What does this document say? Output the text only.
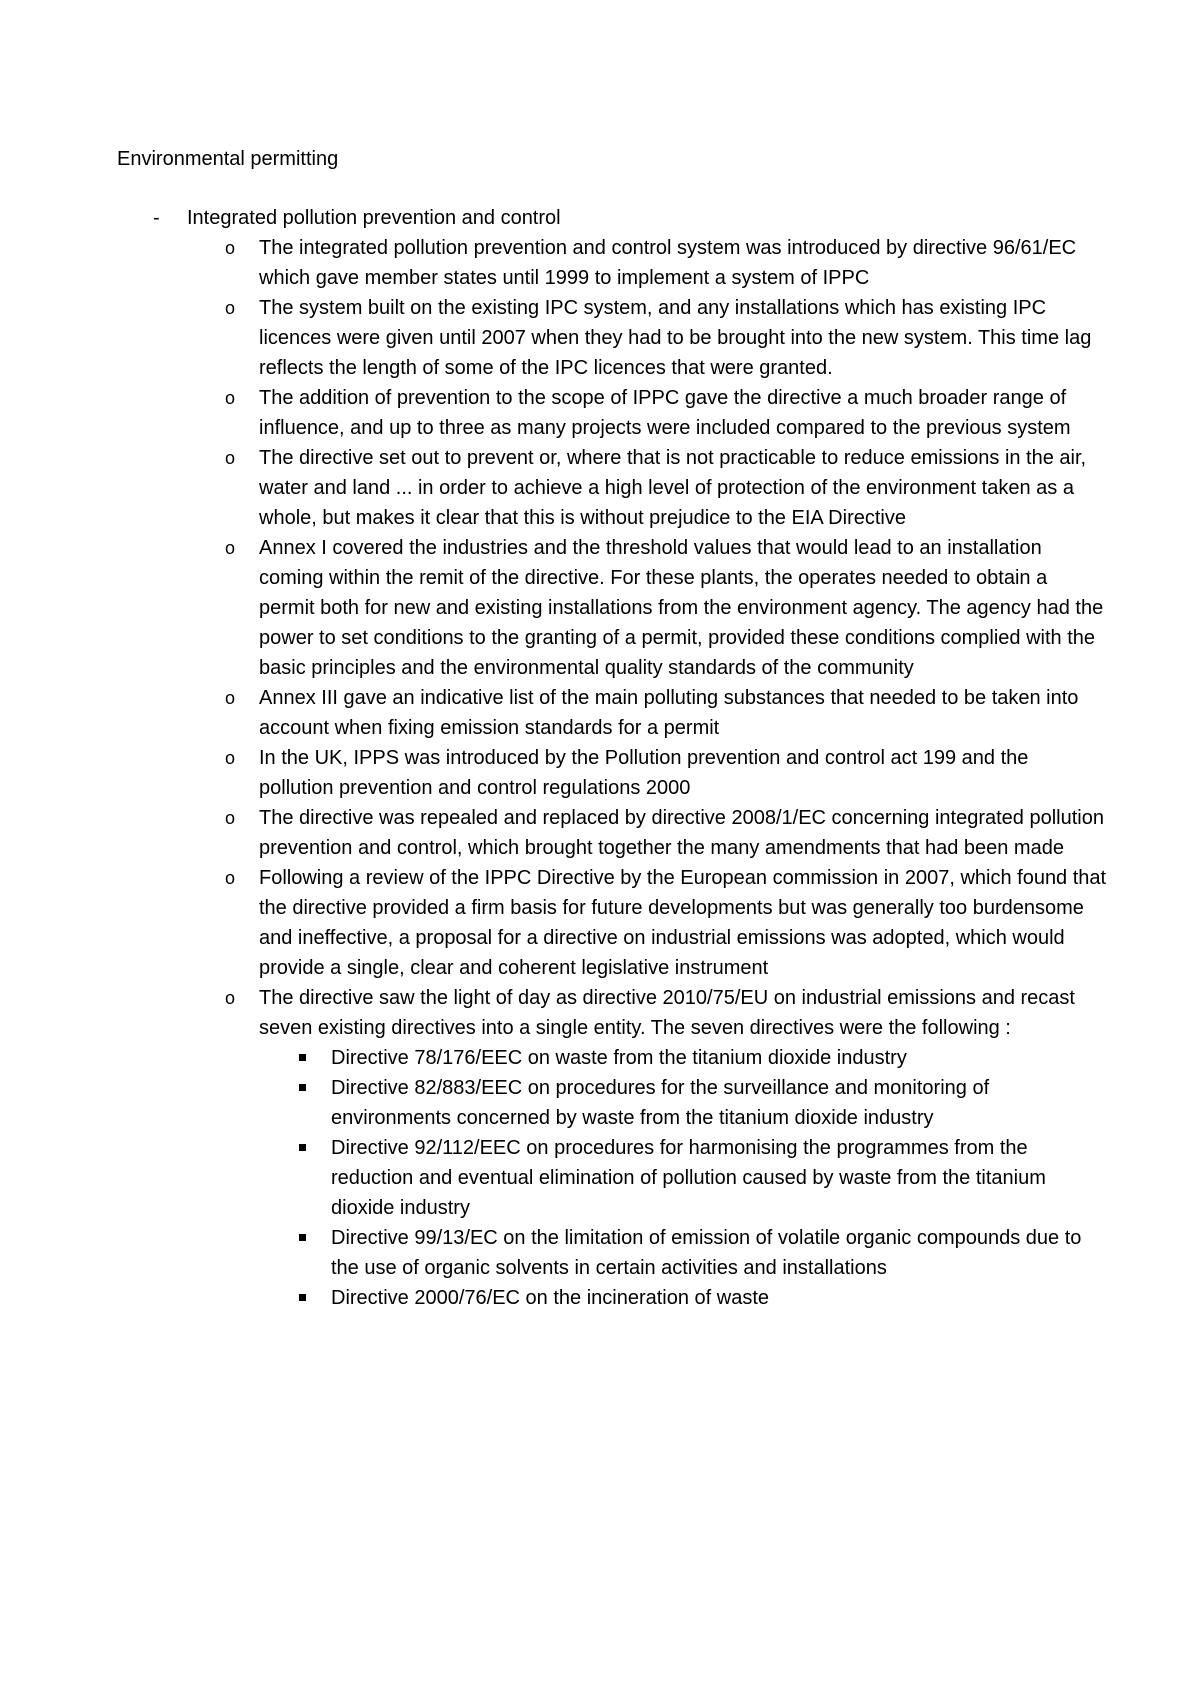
Environmental permitting
-	Integrated pollution prevention and control
o The integrated pollution prevention and control system was introduced by directive 96/61/EC which gave member states until 1999 to implement a system of IPPC
o The system built on the existing IPC system, and any installations which has existing IPC licences were given until 2007 when they had to be brought into the new system. This time lag reflects the length of some of the IPC licences that were granted.
o The addition of prevention to the scope of IPPC gave the directive a much broader range of influence, and up to three as many projects were included compared to the previous system
o The directive set out to prevent or, where that is not practicable to reduce emissions in the air, water and land ... in order to achieve a high level of protection of the environment taken as a whole, but makes it clear that this is without prejudice to the EIA Directive
o Annex I covered the industries and the threshold values that would lead to an installation coming within the remit of the directive. For these plants, the operates needed to obtain a permit both for new and existing installations from the environment agency. The agency had the power to set conditions to the granting of a permit, provided these conditions complied with the basic principles and the environmental quality standards of the community
o Annex III gave an indicative list of the main polluting substances that needed to be taken into account when fixing emission standards for a permit
o In the UK, IPPS was introduced by the Pollution prevention and control act 199 and the pollution prevention and control regulations 2000
o The directive was repealed and replaced by directive 2008/1/EC concerning integrated pollution prevention and control, which brought together the many amendments that had been made
o Following a review of the IPPC Directive by the European commission in 2007, which found that the directive provided a firm basis for future developments but was generally too burdensome and ineffective, a proposal for a directive on industrial emissions was adopted, which would provide a single, clear and coherent legislative instrument
o The directive saw the light of day as directive 2010/75/EU on industrial emissions and recast seven existing directives into a single entity. The seven directives were the following :
Directive 78/176/EEC on waste from the titanium dioxide industry
Directive 82/883/EEC on procedures for the surveillance and monitoring of environments concerned by waste from the titanium dioxide industry
Directive 92/112/EEC on procedures for harmonising the programmes from the reduction and eventual elimination of pollution caused by waste from the titanium dioxide industry
Directive 99/13/EC on the limitation of emission of volatile organic compounds due to the use of organic solvents in certain activities and installations
Directive 2000/76/EC on the incineration of waste
